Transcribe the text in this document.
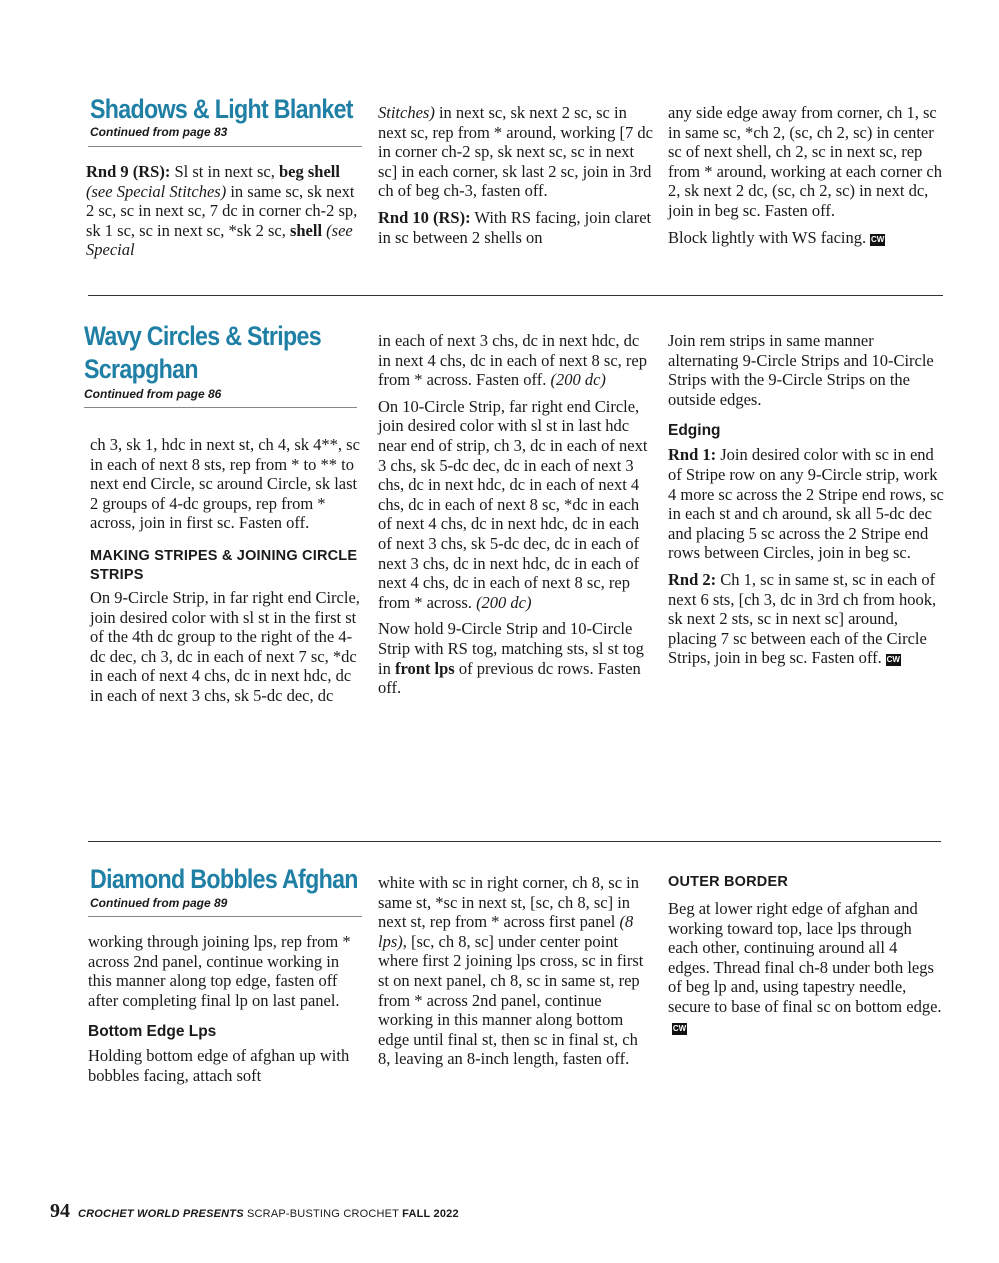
Shadows & Light Blanket
Continued from page 83

Rnd 9 (RS): Sl st in next sc, beg shell (see Special Stitches) in same sc, sk next 2 sc, sc in next sc, 7 dc in corner ch-2 sp, sk 1 sc, sc in next sc, *sk 2 sc, shell (see Special

Stitches) in next sc, sk next 2 sc, sc in next sc, rep from * around, working [7 dc in corner ch-2 sp, sk next sc, sc in next sc] in each corner, sk last 2 sc, join in 3rd ch of beg ch-3, fasten off.

Rnd 10 (RS): With RS facing, join claret in sc between 2 shells on

any side edge away from corner, ch 1, sc in same sc, *ch 2, (sc, ch 2, sc) in center sc of next shell, ch 2, sc in next sc, rep from * around, working at each corner ch 2, sk next 2 dc, (sc, ch 2, sc) in next dc, join in beg sc. Fasten off.

Block lightly with WS facing. CW

Wavy Circles & Stripes
Scrapghan
Continued from page 86

ch 3, sk 1, hdc in next st, ch 4, sk 4**, sc in each of next 8 sts, rep from * to ** to next end Circle, sc around Circle, sk last 2 groups of 4-dc groups, rep from * across, join in first sc. Fasten off.

MAKING STRIPES & JOINING CIRCLE STRIPS

On 9-Circle Strip, in far right end Circle, join desired color with sl st in the first st of the 4th dc group to the right of the 4-dc dec, ch 3, dc in each of next 7 sc, *dc in each of next 4 chs, dc in next hdc, dc in each of next 3 chs, sk 5-dc dec, dc

in each of next 3 chs, dc in next hdc, dc in next 4 chs, dc in each of next 8 sc, rep from * across. Fasten off. (200 dc)

On 10-Circle Strip, far right end Circle, join desired color with sl st in last hdc near end of strip, ch 3, dc in each of next 3 chs, sk 5-dc dec, dc in each of next 3 chs, dc in next hdc, dc in each of next 4 chs, dc in each of next 8 sc, *dc in each of next 4 chs, dc in next hdc, dc in each of next 3 chs, sk 5-dc dec, dc in each of next 3 chs, dc in next hdc, dc in each of next 4 chs, dc in each of next 8 sc, rep from * across. (200 dc)

Now hold 9-Circle Strip and 10-Circle Strip with RS tog, matching sts, sl st tog in front lps of previous dc rows. Fasten off.

Join rem strips in same manner alternating 9-Circle Strips and 10-Circle Strips with the 9-Circle Strips on the outside edges.

Edging

Rnd 1: Join desired color with sc in end of Stripe row on any 9-Circle strip, work 4 more sc across the 2 Stripe end rows, sc in each st and ch around, sk all 5-dc dec and placing 5 sc across the 2 Stripe end rows between Circles, join in beg sc.

Rnd 2: Ch 1, sc in same st, sc in each of next 6 sts, [ch 3, dc in 3rd ch from hook, sk next 2 sts, sc in next sc] around, placing 7 sc between each of the Circle Strips, join in beg sc. Fasten off. CW

Diamond Bobbles Afghan
Continued from page 89

working through joining lps, rep from * across 2nd panel, continue working in this manner along top edge, fasten off after completing final lp on last panel.

Bottom Edge Lps

Holding bottom edge of afghan up with bobbles facing, attach soft

white with sc in right corner, ch 8, sc in same st, *sc in next st, [sc, ch 8, sc] in next st, rep from * across first panel (8 lps), [sc, ch 8, sc] under center point where first 2 joining lps cross, sc in first st on next panel, ch 8, sc in same st, rep from * across 2nd panel, continue working in this manner along bottom edge until final st, then sc in final st, ch 8, leaving an 8-inch length, fasten off.

OUTER BORDER

Beg at lower right edge of afghan and working toward top, lace lps through each other, continuing around all 4 edges. Thread final ch-8 under both legs of beg lp and, using tapestry needle, secure to base of final sc on bottom edge.CW

94 CROCHET WORLD PRESENTS SCRAP-BUSTING CROCHET FALL 2022
